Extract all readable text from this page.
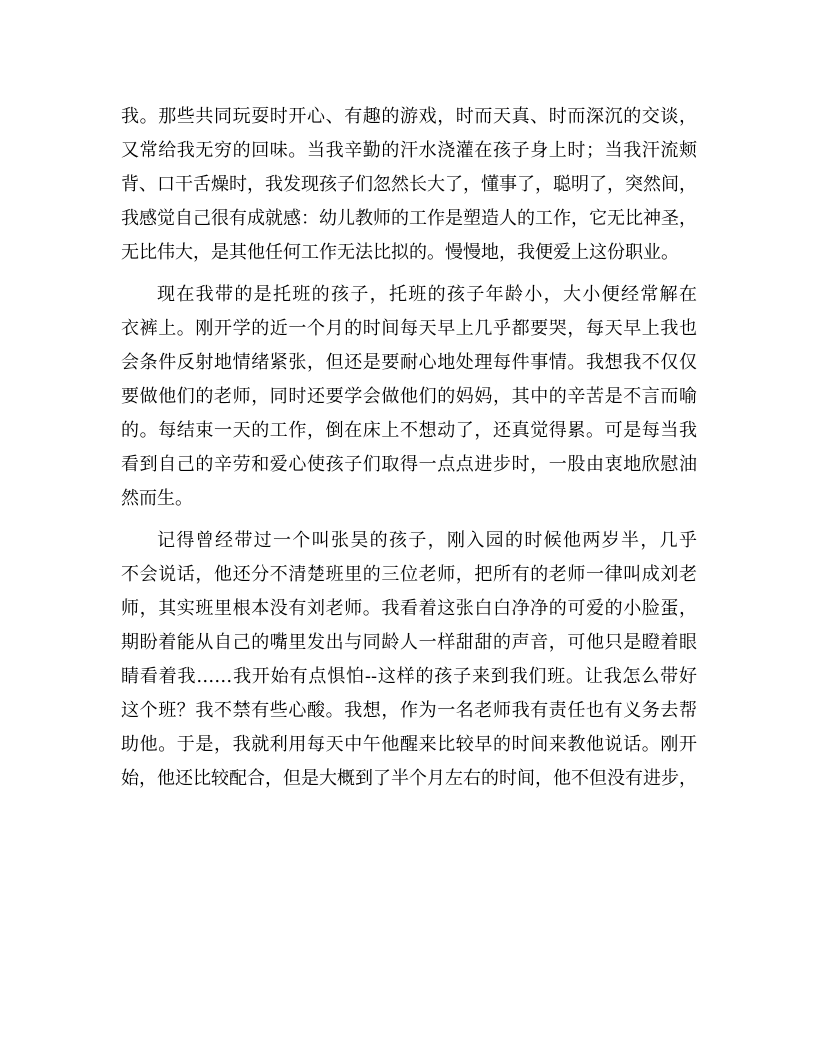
我。那些共同玩耍时开心、有趣的游戏，时而天真、时而深沉的交谈，
又常给我无穷的回味。当我辛勤的汗水浇灌在孩子身上时；当我汗流颊
背、口干舌燥时，我发现孩子们忽然长大了，懂事了，聪明了，突然间，
我感觉自己很有成就感：幼儿教师的工作是塑造人的工作，它无比神圣，
无比伟大，是其他任何工作无法比拟的。慢慢地，我便爱上这份职业。
现在我带的是托班的孩子，托班的孩子年龄小，大小便经常解在
衣裤上。刚开学的近一个月的时间每天早上几乎都要哭，每天早上我也
会条件反射地情绪紧张，但还是要耐心地处理每件事情。我想我不仅仅
要做他们的老师，同时还要学会做他们的妈妈，其中的辛苦是不言而喻
的。每结束一天的工作，倒在床上不想动了，还真觉得累。可是每当我
看到自己的辛劳和爱心使孩子们取得一点点进步时，一股由衷地欣慰油
然而生。
记得曾经带过一个叫张昊的孩子，刚入园的时候他两岁半，几乎
不会说话，他还分不清楚班里的三位老师，把所有的老师一律叫成刘老
师，其实班里根本没有刘老师。我看着这张白白净净的可爱的小脸蛋，
期盼着能从自己的嘴里发出与同龄人一样甜甜的声音，可他只是瞪着眼
睛看着我……我开始有点惧怕--这样的孩子来到我们班。让我怎么带好
这个班？我不禁有些心酸。我想，作为一名老师我有责任也有义务去帮
助他。于是，我就利用每天中午他醒来比较早的时间来教他说话。刚开
始，他还比较配合，但是大概到了半个月左右的时间，他不但没有进步，
